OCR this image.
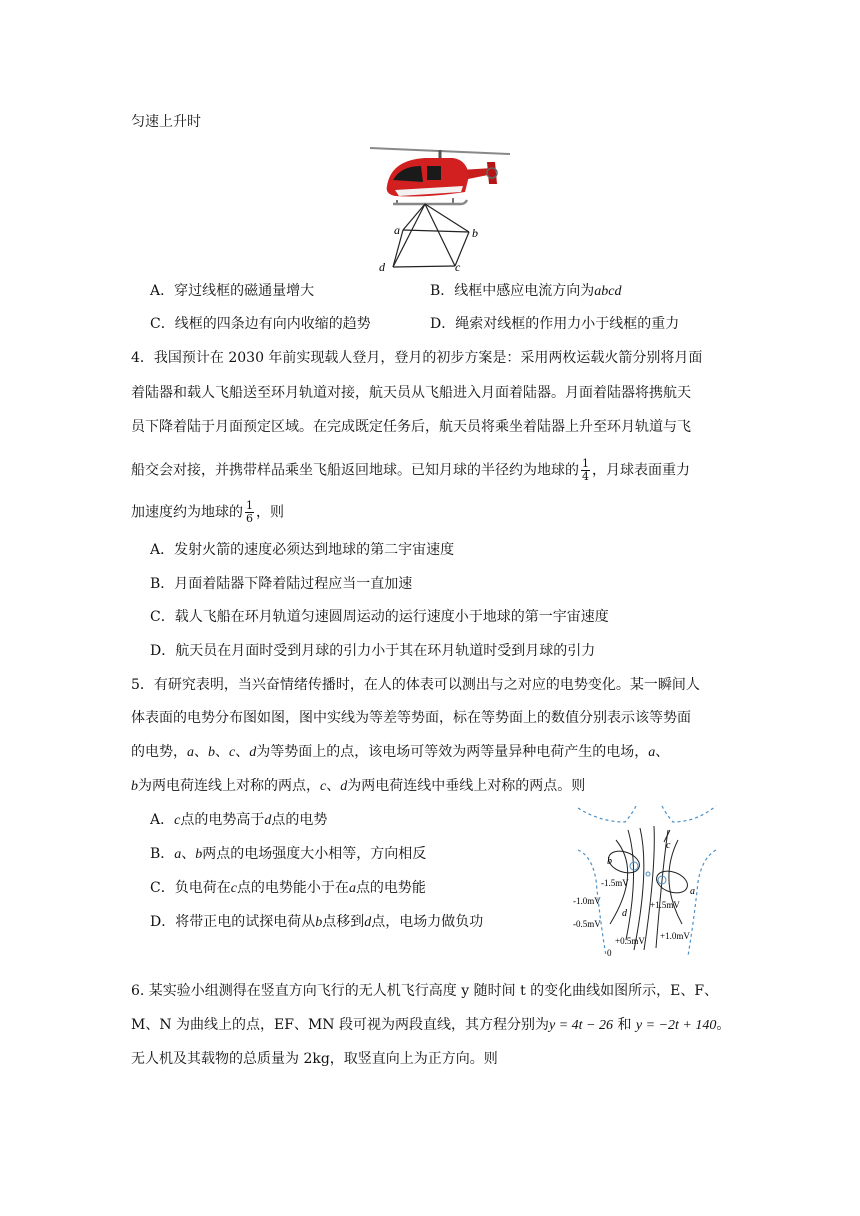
匀速上升时
a	b
d	c
A．穿过线框的磁通量增大	B．线框中感应电流方向为abcd
C．线框的四条边有向内收缩的趋势	D．绳索对线框的作用力小于线框的重力
4．我国预计在 2030 年前实现载人登月，登月的初步方案是：采用两枚运载火箭分别将月面
着陆器和载人飞船送至环月轨道对接，航天员从飞船进入月面着陆器。月面着陆器将携航天
员下降着陆于月面预定区域。在完成既定任务后，航天员将乘坐着陆器上升至环月轨道与飞
船交会对接，并携带样品乘坐飞船返回地球。已知月球的半径约为地球的 $\frac{1}{4}$ ，月球表面重力
加速度约为地球的 $\frac{1}{6}$ ，则
A．发射火箭的速度必须达到地球的第二宇宙速度
B．月面着陆器下降着陆过程应当一直加速
C．载人飞船在环月轨道匀速圆周运动的运行速度小于地球的第一宇宙速度
D．航天员在月面时受到月球的引力小于其在环月轨道时受到月球的引力
5．有研究表明，当兴奋情绪传播时，在人的体表可以测出与之对应的电势变化。某一瞬间人
体表面的电势分布图如图，图中实线为等差等势面，标在等势面上的数值分别表示该等势面
的电势，a、b、c、d为等势面上的点，该电场可等效为两等量异种电荷产生的电场，a、
b为两电荷连线上对称的两点，c、d为两电荷连线中垂线上对称的两点。则
A．c点的电势高于d点的电势
B．a、b两点的电场强度大小相等，方向相反
C．负电荷在c点的电势能小于在a点的电势能
D．将带正电的试探电荷从b点移到d点，电场力做负功
c
b
a
d
-1.5mV
-1.0mV
-0.5mV
+0.5mV
+1.5mV
+1.0mV
0
6. 某实验小组测得在竖直方向飞行的无人机飞行高度 y 随时间 t 的变化曲线如图所示，E、F、
M、N 为曲线上的点，EF、MN 段可视为两段直线，其方程分别为y = 4t − 26 和 y = −2t + 140。
无人机及其载物的总质量为 2kg，取竖直向上为正方向。则
